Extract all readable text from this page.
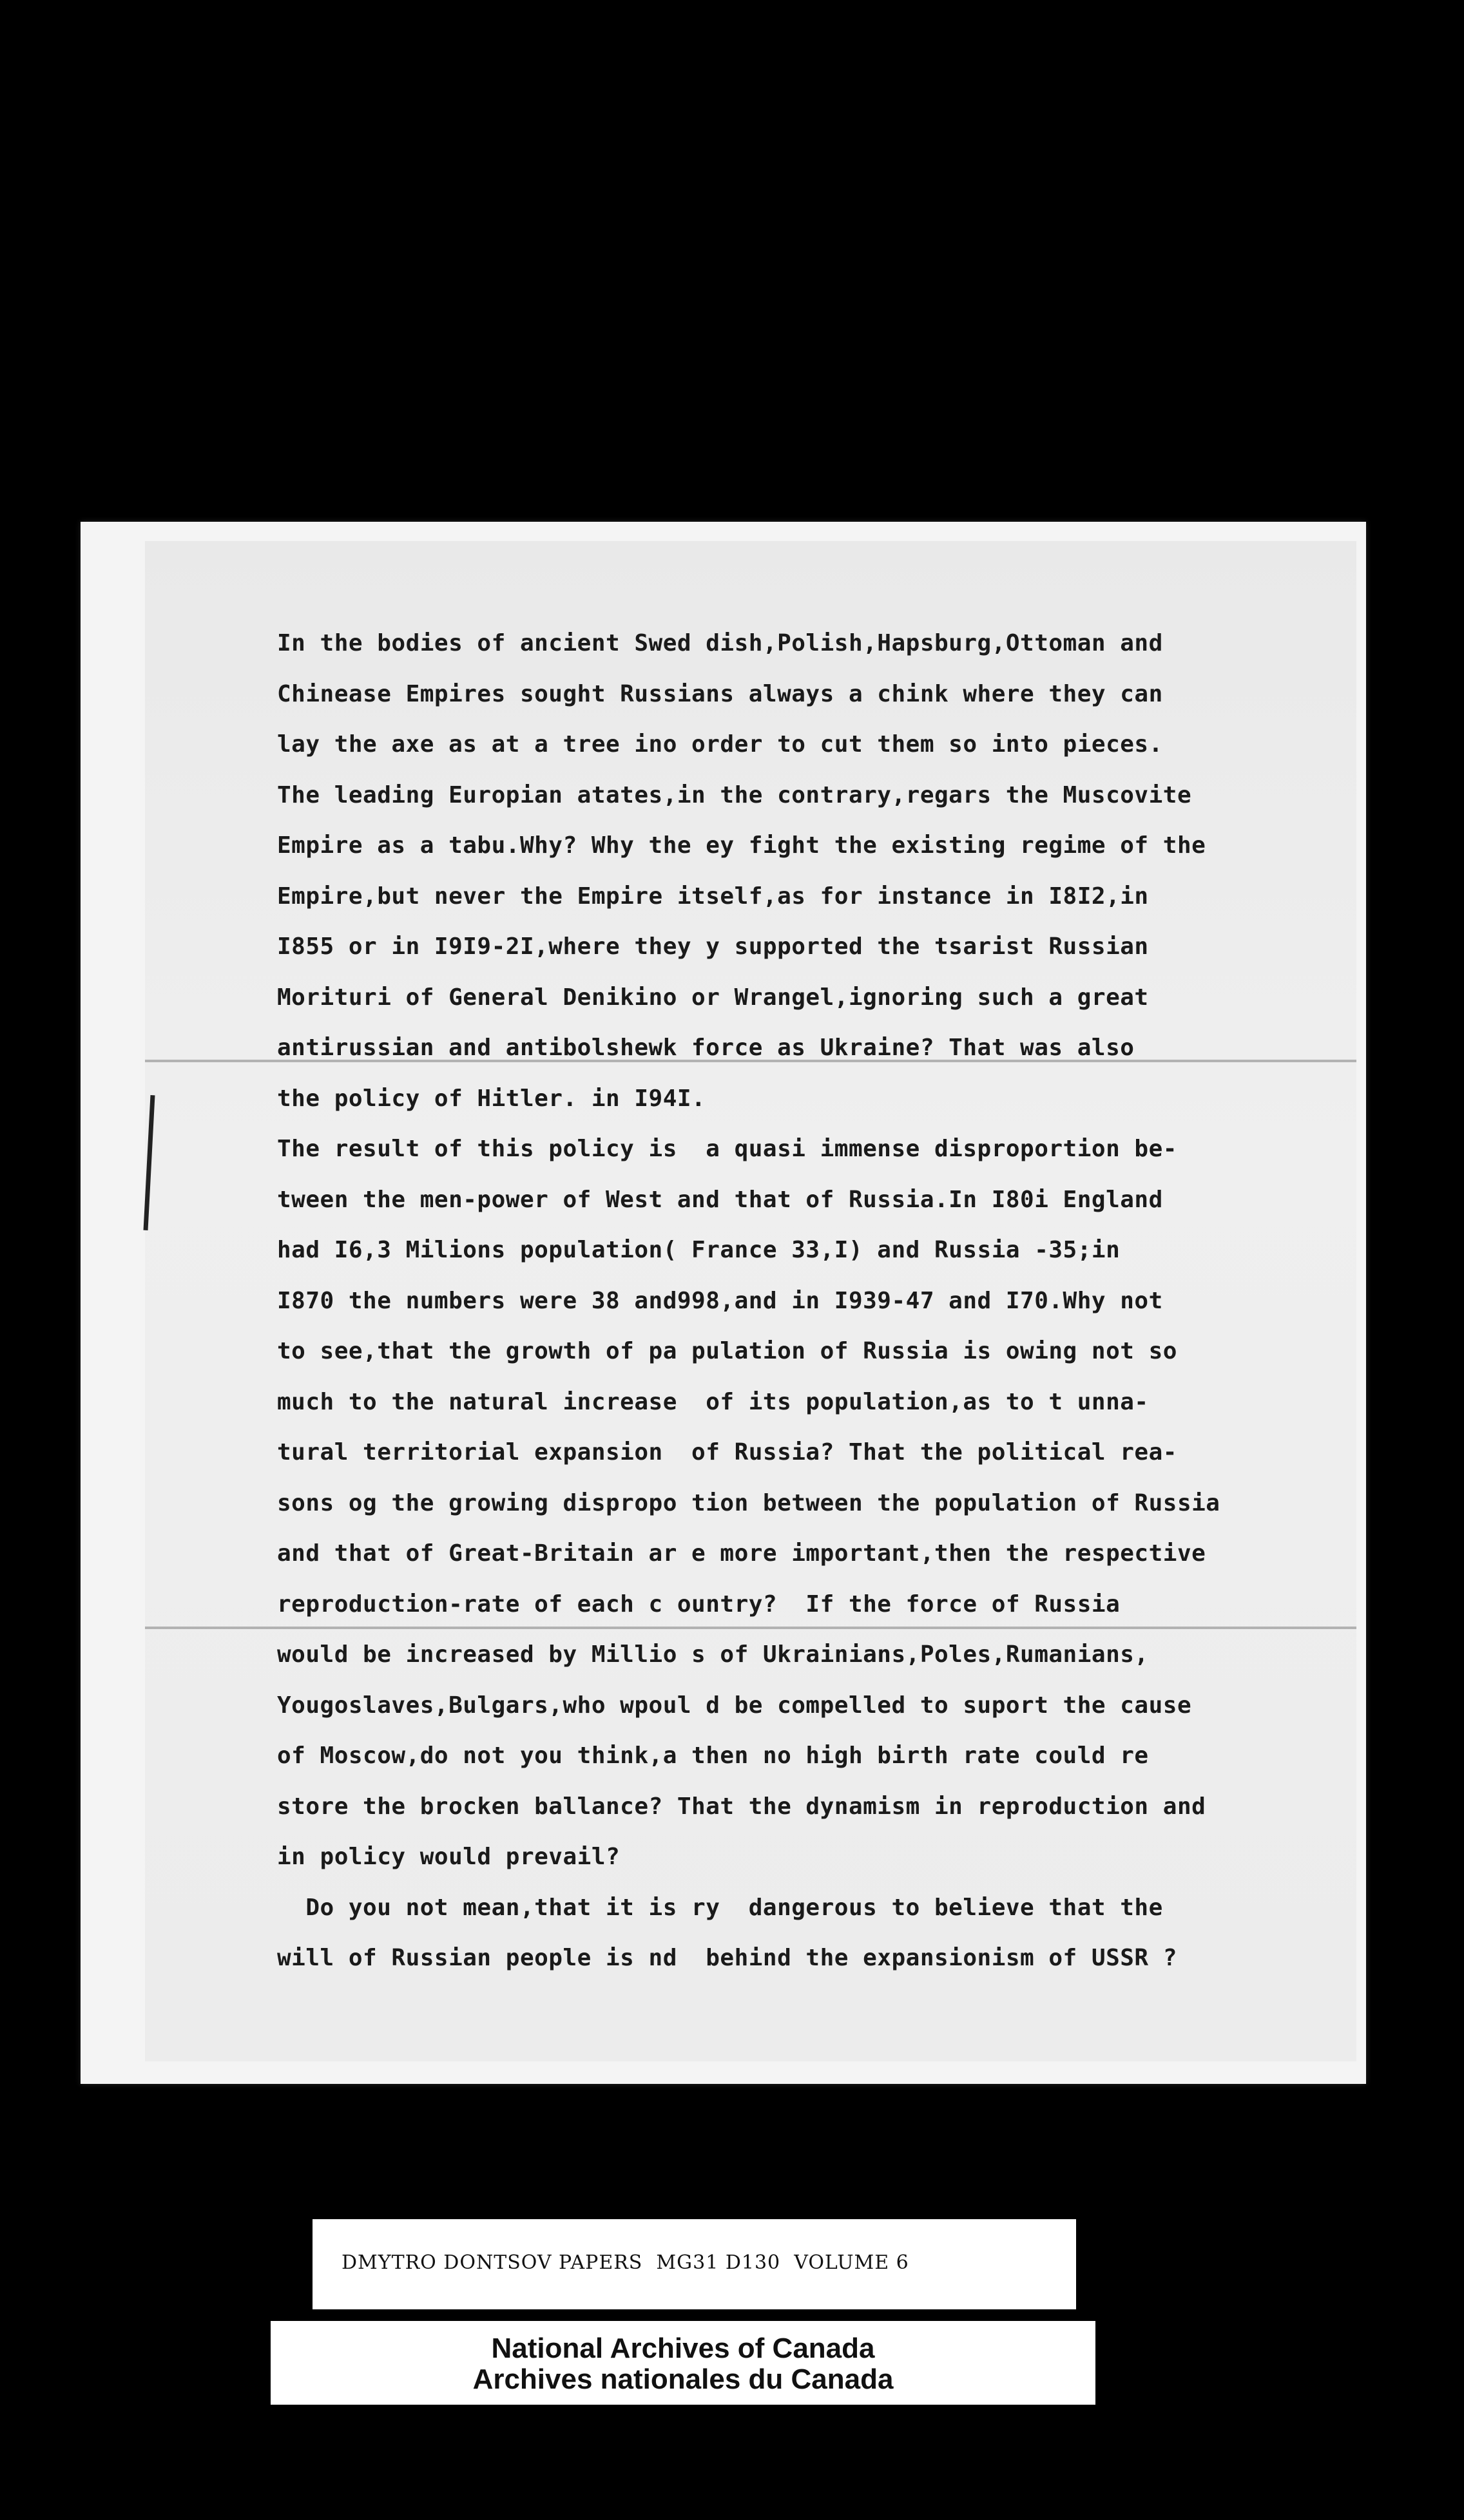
In the bodies of ancient Swed dish,Polish,Hapsburg,Ottoman and
Chinease Empires sought Russians always a chink where they can
lay the axe as at a tree ino order to cut them so into pieces.
The leading Europian atates,in the contrary,regars the Muscovite
Empire as a tabu.Why? Why the ey fight the existing regime of the
Empire,but never the Empire itself,as for instance in I8I2,in
I855 or in I9I9-2I,where they y supported the tsarist Russian
Morituri of General Denikino or Wrangel,ignoring such a great
antirussian and antibolshewk force as Ukraine? That was also
the policy of Hitler. in I94I.
The result of this policy is  a quasi immense disproportion be-
tween the men-power of West and that of Russia.In I80i England
had I6,3 Milions population( France 33,I) and Russia -35;in
I870 the numbers were 38 and998,and in I939-47 and I70.Why not
to see,that the growth of pa pulation of Russia is owing not so
much to the natural increase  of its population,as to t unna-
tural territorial expansion  of Russia? That the political rea-
sons og the growing dispropo tion between the population of Russia
and that of Great-Britain ar e more important,then the respective
reproduction-rate of each c ountry?  If the force of Russia
would be increased by Millio s of Ukrainians,Poles,Rumanians,
Yougoslaves,Bulgars,who wpoul d be compelled to suport the cause
of Moscow,do not you think,a then no high birth rate could re
store the brocken ballance? That the dynamism in reproduction and
in policy would prevail?
Do you not mean,that it is ry  dangerous to believe that the
will of Russian people is nd  behind the expansionism of USSR ?
DMYTRO DONTSOV PAPERS  MG31 D130  VOLUME 6
National Archives of Canada
Archives nationales du Canada
